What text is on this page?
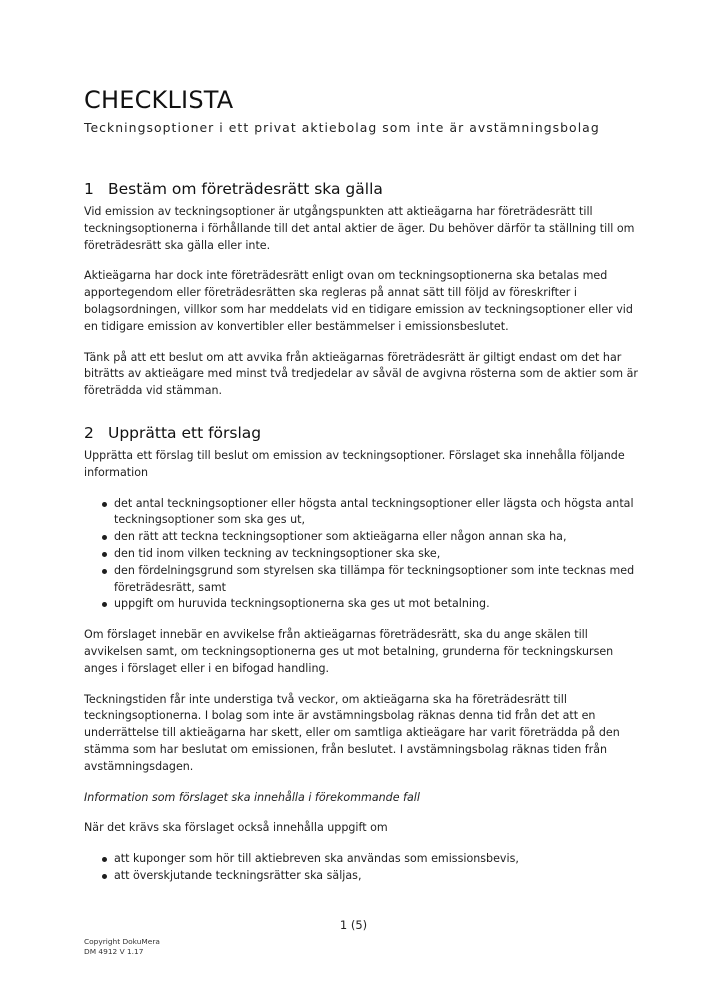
CHECKLISTA
Teckningsoptioner i ett privat aktiebolag som inte är avstämningsbolag
1 Bestäm om företrädesrätt ska gälla

Vid emission av teckningsoptioner är utgångspunkten att aktieägarna har företrädesrätt till teckningsoptionerna i förhållande till det antal aktier de äger. Du behöver därför ta ställning till om företrädesrätt ska gälla eller inte.

Aktieägarna har dock inte företrädesrätt enligt ovan om teckningsoptionerna ska betalas med apportegendom eller företrädesrätten ska regleras på annat sätt till följd av föreskrifter i bolagsordningen, villkor som har meddelats vid en tidigare emission av teckningsoptioner eller vid en tidigare emission av konvertibler eller bestämmelser i emissionsbeslutet.

Tänk på att ett beslut om att avvika från aktieägarnas företrädesrätt är giltigt endast om det har biträtts av aktieägare med minst två tredjedelar av såväl de avgivna rösterna som de aktier som är företrädda vid stämman.

2 Upprätta ett förslag

Upprätta ett förslag till beslut om emission av teckningsoptioner. Förslaget ska innehålla följande information

det antal teckningsoptioner eller högsta antal teckningsoptioner eller lägsta och högsta antal teckningsoptioner som ska ges ut,
den rätt att teckna teckningsoptioner som aktieägarna eller någon annan ska ha,
den tid inom vilken teckning av teckningsoptioner ska ske,
den fördelningsgrund som styrelsen ska tillämpa för teckningsoptioner som inte tecknas med företrädesrätt, samt
uppgift om huruvida teckningsoptionerna ska ges ut mot betalning.

Om förslaget innebär en avvikelse från aktieägarnas företrädesrätt, ska du ange skälen till avvikelsen samt, om teckningsoptionerna ges ut mot betalning, grunderna för teckningskursen anges i förslaget eller i en bifogad handling.

Teckningstiden får inte understiga två veckor, om aktieägarna ska ha företrädesrätt till teckningsoptionerna. I bolag som inte är avstämningsbolag räknas denna tid från det att en underrättelse till aktieägarna har skett, eller om samtliga aktieägare har varit företrädda på den stämma som har beslutat om emissionen, från beslutet. I avstämningsbolag räknas tiden från avstämningsdagen.

Information som förslaget ska innehålla i förekommande fall

När det krävs ska förslaget också innehålla uppgift om

att kuponger som hör till aktiebreven ska användas som emissionsbevis,
att överskjutande teckningsrätter ska säljas,
1 (5)
Copyright DokuMera
DM 4912 V 1.17
